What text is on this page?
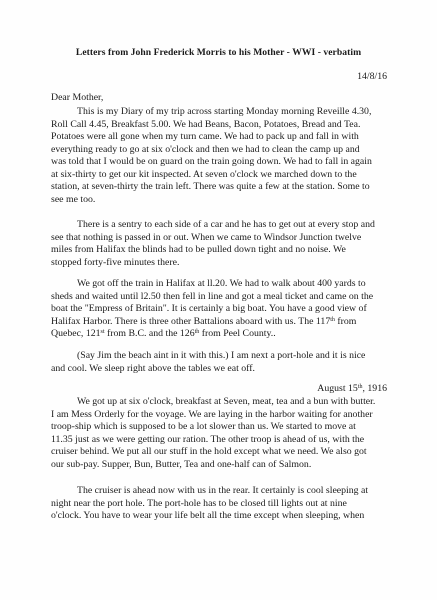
Letters from John Frederick Morris to his Mother - WWI - verbatim
14/8/16
Dear Mother,
This is my Diary of my trip across starting Monday morning Reveille 4.30,
Roll Call 4.45, Breakfast 5.00. We had Beans, Bacon, Potatoes, Bread and Tea.
Potatoes were all gone when my turn came. We had to pack up and fall in with
everything ready to go at six o'clock and then we had to clean the camp up and
was told that I would be on guard on the train going down. We had to fall in again
at six-thirty to get our kit inspected. At seven o'clock we marched down to the
station, at seven-thirty the train left. There was quite a few at the station. Some to
see me too.
There is a sentry to each side of a car and he has to get out at every stop and
see that nothing is passed in or out. When we came to Windsor Junction twelve
miles from Halifax the blinds had to be pulled down tight and no noise. We
stopped forty-five minutes there.
We got off the train in Halifax at ll.20. We had to walk about 400 yards to
sheds and waited until l2.50 then fell in line and got a meal ticket and came on the
boat the "Empress of Britain". It is certainly a big boat. You have a good view of
Halifax Harbor. There is three other Battalions aboard with us. The 117th from
Quebec, 121st from B.C. and the 126th from Peel County..
(Say Jim the beach aint in it with this.) I am next a port-hole and it is nice
and cool. We sleep right above the tables we eat off.
August 15th, 1916
We got up at six o'clock, breakfast at Seven, meat, tea and a bun with butter.
I am Mess Orderly for the voyage. We are laying in the harbor waiting for another
troop-ship which is supposed to be a lot slower than us. We started to move at
11.35 just as we were getting our ration. The other troop is ahead of us, with the
cruiser behind. We put all our stuff in the hold except what we need. We also got
our sub-pay. Supper, Bun, Butter, Tea and one-half can of Salmon.
The cruiser is ahead now with us in the rear. It certainly is cool sleeping at
night near the port hole. The port-hole has to be closed till lights out at nine
o'clock. You have to wear your life belt all the time except when sleeping, when
